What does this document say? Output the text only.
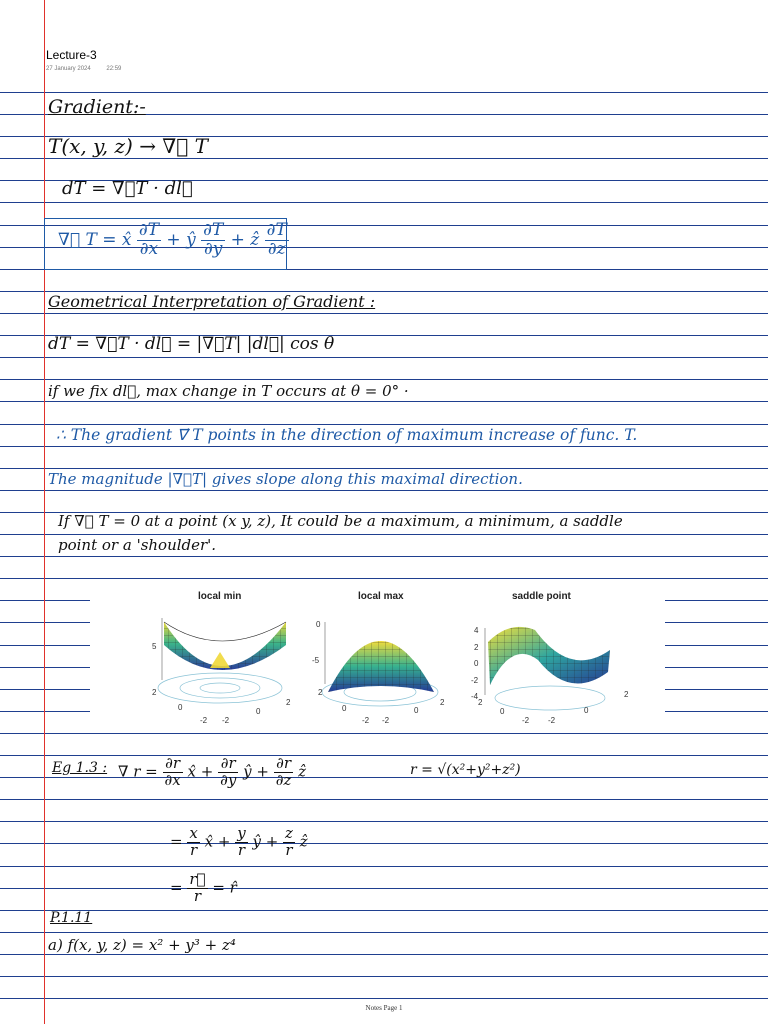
Lecture-3
27 January 2024	22:59
Gradient:-
T(x, y, z) → ∇⃗ T
dT = ∇⃗T · dl⃗
∇⃗ T = x̂ $\frac{\partial T}{\partial x}$ + ŷ $\frac{\partial T}{\partial y}$ + ẑ $\frac{\partial T}{\partial z}$
Geometrical Interpretation of Gradient :
dT = ∇⃗T · dl⃗ = |∇⃗T| |dl⃗| cos θ
if we fix dl⃗, max change in T occurs at θ = 0° ·
∴ The gradient ∇⃗ T points in the direction of maximum increase of func. T.
The magnitude |∇⃗T| gives slope along this maximal direction.
If ∇⃗ T = 0 at a point (x y, z), It could be a maximum, a minimum, a saddle
point or a 'shoulder'.
local min	local max	saddle point
5
2
0
-2 -2
0
2
0
-5
2
0
-2 -2
0
2
4
2
0
-2
-4
2
0
-2 -2
0
2
Eg 1.3 : ∇ $r = \frac{\partial r}{\partial x}$ x̂ + $\frac{\partial r}{\partial y}$ ŷ + $\frac{\partial r}{\partial z}$ ẑ	r = √(x²+y²+z²)
= $\frac{x}{r}$ x̂ + $\frac{y}{r}$ ŷ + $\frac{z}{r}$ ẑ
= $\frac{r⃗}{r}$ = r̂
P.1.11
a) f(x, y, z) = x² + y³ + z⁴
Notes Page 1
